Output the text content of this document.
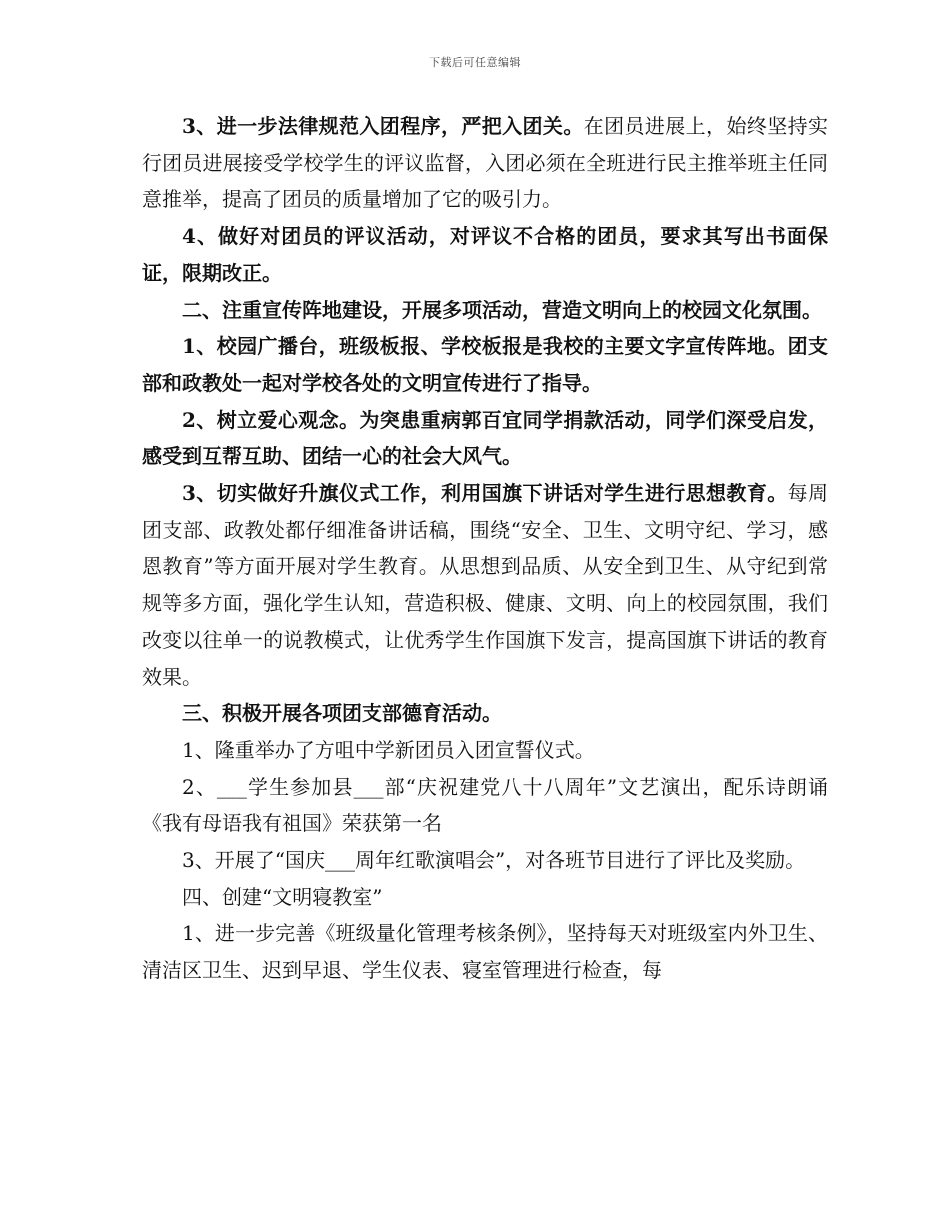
下载后可任意编辑

3、进一步法律规范入团程序，严把入团关。在团员进展上，始终坚持实行团员进展接受学校学生的评议监督，入团必须在全班进行民主推举班主任同意推举，提高了团员的质量增加了它的吸引力。

4、做好对团员的评议活动，对评议不合格的团员，要求其写出书面保证，限期改正。

二、注重宣传阵地建设，开展多项活动，营造文明向上的校园文化氛围。

1、校园广播台，班级板报、学校板报是我校的主要文字宣传阵地。团支部和政教处一起对学校各处的文明宣传进行了指导。

2、树立爱心观念。为突患重病郭百宜同学捐款活动，同学们深受启发，感受到互帮互助、团结一心的社会大风气。

3、切实做好升旗仪式工作，利用国旗下讲话对学生进行思想教育。每周团支部、政教处都仔细准备讲话稿，围绕“安全、卫生、文明守纪、学习，感恩教育”等方面开展对学生教育。从思想到品质、从安全到卫生、从守纪到常规等多方面，强化学生认知，营造积极、健康、文明、向上的校园氛围，我们改变以往单一的说教模式，让优秀学生作国旗下发言，提高国旗下讲话的教育效果。

三、积极开展各项团支部德育活动。

1、隆重举办了方咀中学新团员入团宣誓仪式。

2、___学生参加县___部“庆祝建党八十八周年”文艺演出，配乐诗朗诵《我有母语我有祖国》荣获第一名

3、开展了“国庆___周年红歌演唱会”，对各班节目进行了评比及奖励。

四、创建“文明寝教室”

1、进一步完善《班级量化管理考核条例》，坚持每天对班级室内外卫生、清洁区卫生、迟到早退、学生仪表、寝室管理进行检查，每
